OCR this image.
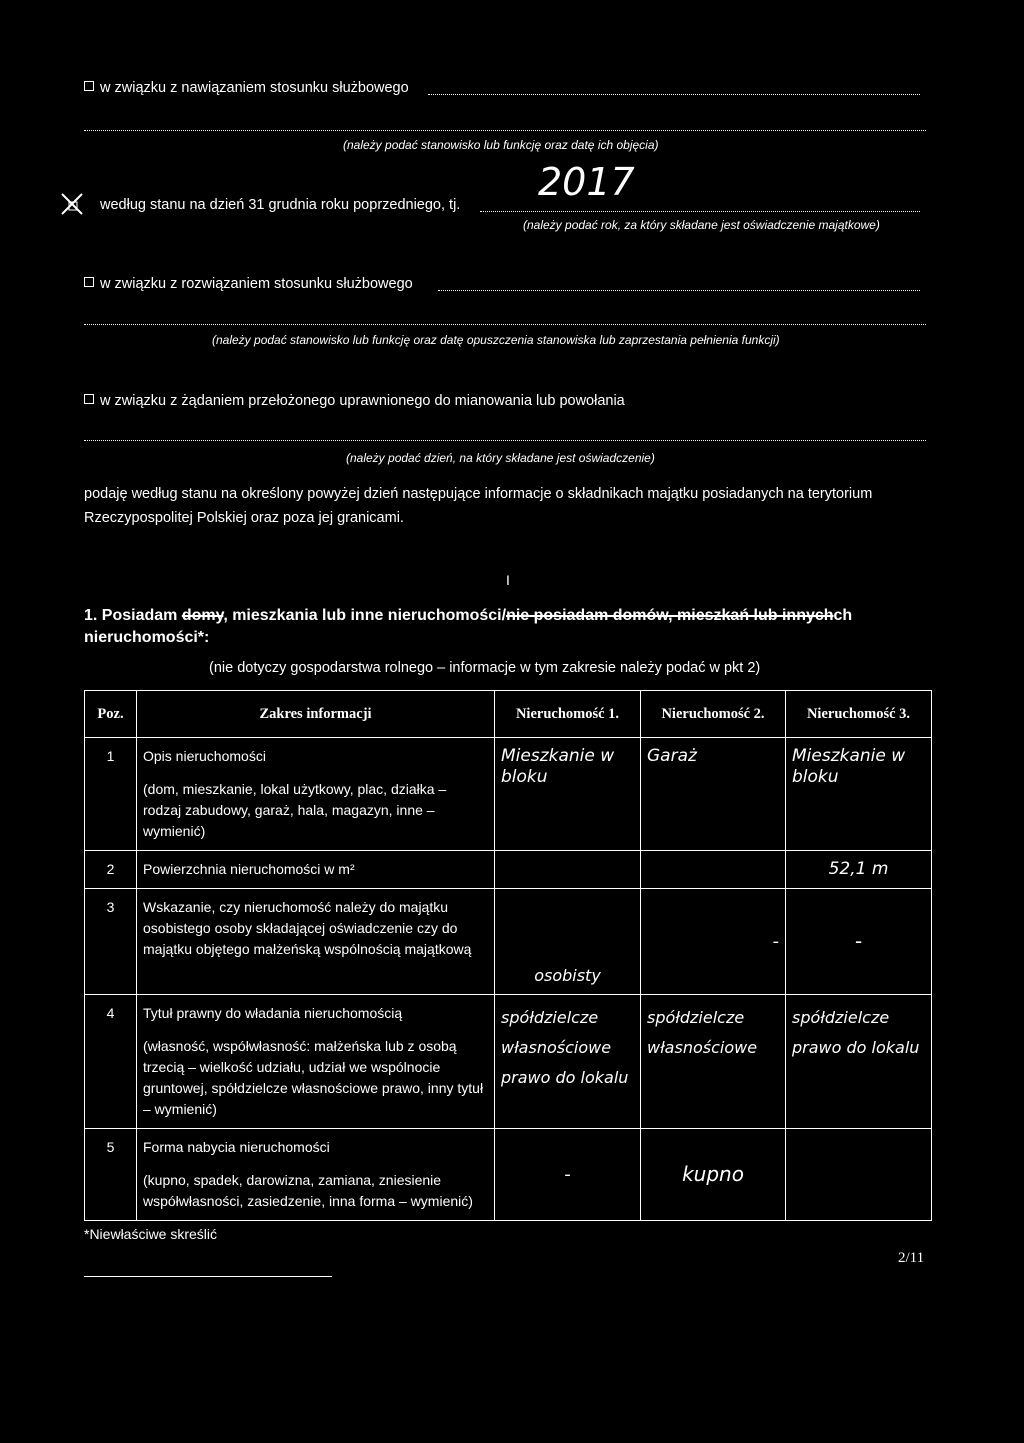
w związku z nawiązaniem stosunku służbowego
(należy podać stanowisko lub funkcję oraz datę ich objęcia)
według stanu na dzień 31 grudnia roku poprzedniego, tj.
2017
(należy podać rok, za który składane jest oświadczenie majątkowe)
w związku z rozwiązaniem stosunku służbowego
(należy podać stanowisko lub funkcję oraz datę opuszczenia stanowiska lub zaprzestania pełnienia funkcji)
w związku z żądaniem przełożonego uprawnionego do mianowania lub powołania
(należy podać dzień, na który składane jest oświadczenie)
podaję według stanu na określony powyżej dzień następujące informacje o składnikach majątku posiadanych na terytorium
Rzeczypospolitej Polskiej oraz poza jej granicami.
I
1. Posiadam domy, mieszkania lub inne nieruchomości/nie posiadam domów, mieszkań lub innychch
nieruchomości*:
(nie dotyczy gospodarstwa rolnego – informacje w tym zakresie należy podać w pkt 2)
Poz.	Zakres informacji	Nieruchomość 1.	Nieruchomość 2.	Nieruchomość 3.
1	Opis nieruchomości
(dom, mieszkanie, lokal użytkowy, plac, działka – rodzaj zabudowy, garaż, hala, magazyn, inne – wymienić)	Mieszkanie w bloku	Garaż	Mieszkanie w bloku
2	Powierzchnia nieruchomości w m²			52,1 m
3	Wskazanie, czy nieruchomość należy do majątku osobistego osoby składającej oświadczenie czy do majątku objętego małżeńską wspólnością majątkową	osobisty	-	-
4	Tytuł prawny do władania nieruchomością
(własność, współwłasność: małżeńska lub z osobą trzecią – wielkość udziału, udział we wspólnocie gruntowej, spółdzielcze własnościowe prawo, inny tytuł – wymienić)	spółdzielcze własnościowe prawo do lokalu	spółdzielcze własnościowe	spółdzielcze prawo do lokalu
5	Forma nabycia nieruchomości
(kupno, spadek, darowizna, zamiana, zniesienie współwłasności, zasiedzenie, inna forma – wymienić)	-	kupno	
*Niewłaściwe skreślić
2/11
